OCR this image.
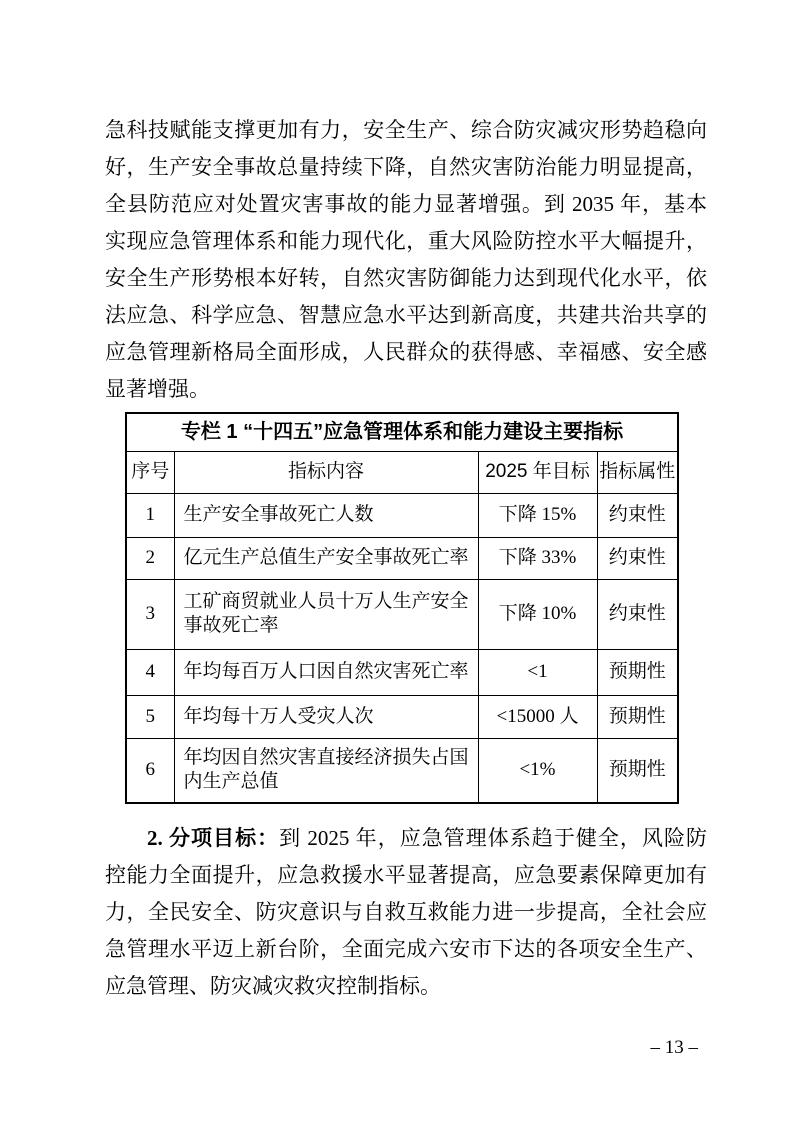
急科技赋能支撑更加有力，安全生产、综合防灾减灾形势趋稳向
好，生产安全事故总量持续下降，自然灾害防治能力明显提高，
全县防范应对处置灾害事故的能力显著增强。到 2035 年，基本
实现应急管理体系和能力现代化，重大风险防控水平大幅提升，
安全生产形势根本好转，自然灾害防御能力达到现代化水平，依
法应急、科学应急、智慧应急水平达到新高度，共建共治共享的
应急管理新格局全面形成，人民群众的获得感、幸福感、安全感
显著增强。
专栏 1 “十四五”应急管理体系和能力建设主要指标			
序号	指标内容	2025 年目标	指标属性
1	生产安全事故死亡人数	下降 15%	约束性
2	亿元生产总值生产安全事故死亡率	下降 33%	约束性
3	工矿商贸就业人员十万人生产安全事故死亡率	下降 10%	约束性
4	年均每百万人口因自然灾害死亡率	<1	预期性
5	年均每十万人受灾人次	<15000 人	预期性
6	年均因自然灾害直接经济损失占国内生产总值	<1%	预期性
2. 分项目标：到 2025 年，应急管理体系趋于健全，风险防
控能力全面提升，应急救援水平显著提高，应急要素保障更加有
力，全民安全、防灾意识与自救互救能力进一步提高，全社会应
急管理水平迈上新台阶，全面完成六安市下达的各项安全生产、
应急管理、防灾减灾救灾控制指标。
– 13 –
